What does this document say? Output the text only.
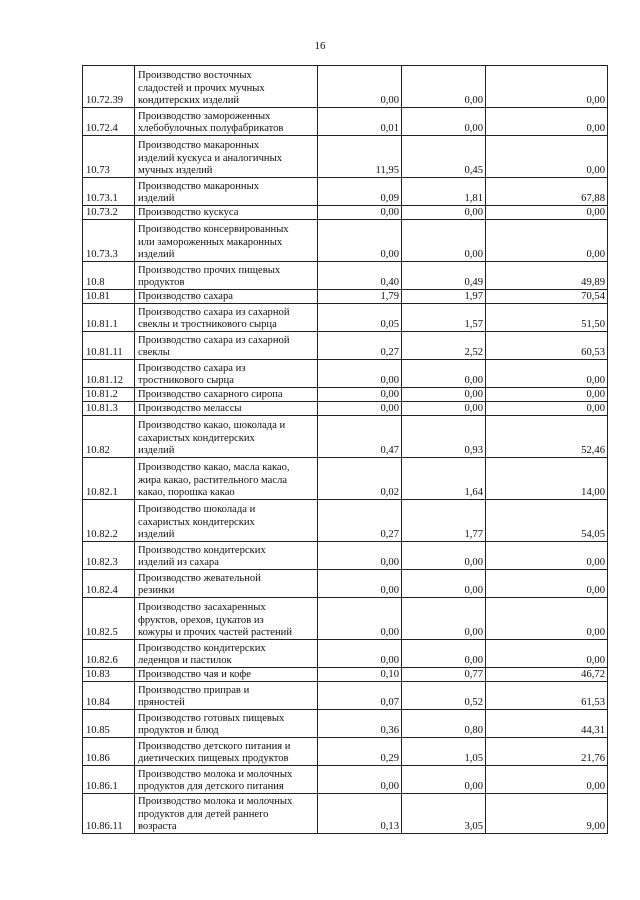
16
10.72.39	Производство восточных
сладостей и прочих мучных
кондитерских изделий	0,00	0,00	0,00
10.72.4	Производство замороженных
хлебобулочных полуфабрикатов	0,01	0,00	0,00
10.73	Производство макаронных
изделий кускуса и аналогичных
мучных изделий	11,95	0,45	0,00
10.73.1	Производство макаронных
изделий	0,09	1,81	67,88
10.73.2	Производство кускуса	0,00	0,00	0,00
10.73.3	Производство консервированных
или замороженных макаронных
изделий	0,00	0,00	0,00
10.8	Производство прочих пищевых
продуктов	0,40	0,49	49,89
10.81	Производство сахара	1,79	1,97	70,54
10.81.1	Производство сахара из сахарной
свеклы и тростникового сырца	0,05	1,57	51,50
10.81.11	Производство сахара из сахарной
свеклы	0,27	2,52	60,53
10.81.12	Производство сахара из
тростникового сырца	0,00	0,00	0,00
10.81.2	Производство сахарного сиропа	0,00	0,00	0,00
10.81.3	Производство мелассы	0,00	0,00	0,00
10.82	Производство какао, шоколада и
сахаристых кондитерских
изделий	0,47	0,93	52,46
10.82.1	Производство какао, масла какао,
жира какао, растительного масла
какао, порошка какао	0,02	1,64	14,00
10.82.2	Производство шоколада и
сахаристых кондитерских
изделий	0,27	1,77	54,05
10.82.3	Производство кондитерских
изделий из сахара	0,00	0,00	0,00
10.82.4	Производство жевательной
резинки	0,00	0,00	0,00
10.82.5	Производство засахаренных
фруктов, орехов, цукатов из
кожуры и прочих частей растений	0,00	0,00	0,00
10.82.6	Производство кондитерских
леденцов и пастилок	0,00	0,00	0,00
10.83	Производство чая и кофе	0,10	0,77	46,72
10.84	Производство приправ и
пряностей	0,07	0,52	61,53
10.85	Производство готовых пищевых
продуктов и блюд	0,36	0,80	44,31
10.86	Производство детского питания и
диетических пищевых продуктов	0,29	1,05	21,76
10.86.1	Производство молока и молочных
продуктов для детского питания	0,00	0,00	0,00
10.86.11	Производство молока и молочных
продуктов для детей раннего
возраста	0,13	3,05	9,00
